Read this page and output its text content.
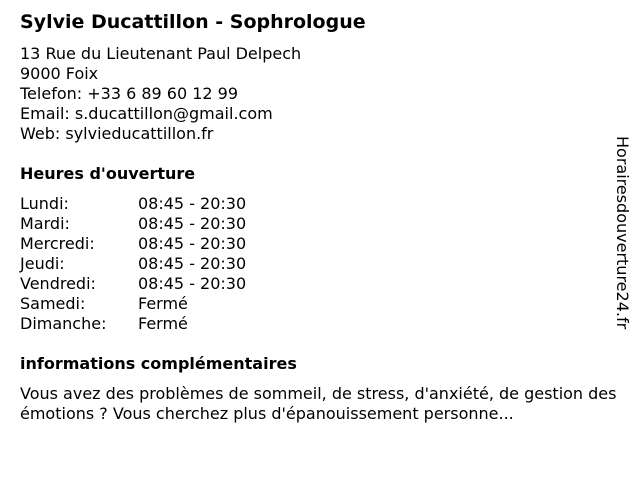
Sylvie Ducattillon - Sophrologue
13 Rue du Lieutenant Paul Delpech
9000 Foix
Telefon: +33 6 89 60 12 99
Email: s.ducattillon@gmail.com
Web: sylvieducattillon.fr
Heures d'ouverture
Lundi:	08:45 - 20:30
Mardi:	08:45 - 20:30
Mercredi:	08:45 - 20:30
Jeudi:	08:45 - 20:30
Vendredi:	08:45 - 20:30
Samedi:	Fermé
Dimanche: Fermé
informations complémentaires
Vous avez des problèmes de sommeil, de stress, d'anxiété, de gestion des émotions ? Vous cherchez plus d'épanouissement personne...
Horairesdouverture24.fr
